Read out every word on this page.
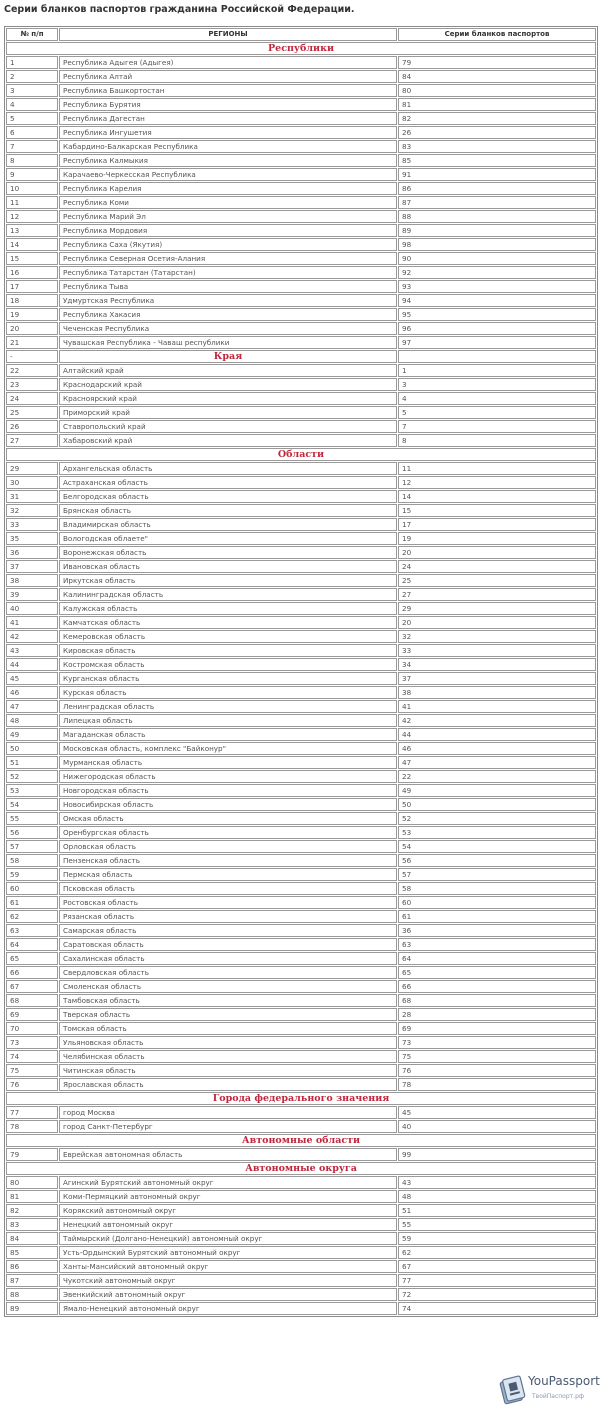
Серии бланков паспортов гражданина Российской Федерации.
№ п/п	РЕГИОНЫ	Серии бланков паспортов
Республики		
1	Республика Адыгея (Адыгея)	79
2	Республика Алтай	84
3	Республика Башкортостан	80
4	Республика Бурятия	81
5	Республика Дагестан	82
6	Республика Ингушетия	26
7	Кабардино-Балкарская Республика	83
8	Республика Калмыкия	85
9	Карачаево-Черкесская Республика	91
10	Республика Карелия	86
11	Республика Коми	87
12	Республика Марий Эл	88
13	Республика Мордовия	89
14	Республика Саха (Якутия)	98
15	Республика Северная Осетия-Алания	90
16	Республика Татарстан (Татарстан)	92
17	Республика Тыва	93
18	Удмуртская Республика	94
19	Республика Хакасия	95
20	Чеченская Республика	96
21	Чувашская Республика - Чаваш республики	97
-	Края	
22	Алтайский край	1
23	Краснодарский край	3
24	Красноярский край	4
25	Приморский край	5
26	Ставропольский край	7
27	Хабаровский край	8
Области		
29	Архангельская область	11
30	Астраханская область	12
31	Белгородская область	14
32	Брянская область	15
33	Владимирская область	17
35	Вологодская облаете"	19
36	Воронежская область	20
37	Ивановская область	24
38	Иркутская область	25
39	Калининградская область	27
40	Калужская область	29
41	Камчатская область	20
42	Кемеровская область	32
43	Кировская область	33
44	Костромская область	34
45	Курганская область	37
46	Курская область	38
47	Ленинградская область	41
48	Липецкая область	42
49	Магаданская область	44
50	Московская область, комплекс "Байконур"	46
51	Мурманская область	47
52	Нижегородская область	22
53	Новгородская область	49
54	Новосибирская область	50
55	Омская область	52
56	Оренбургская область	53
57	Орловская область	54
58	Пензенская область	56
59	Пермская область	57
60	Псковская область	58
61	Ростовская область	60
62	Рязанская область	61
63	Самарская область	36
64	Саратовская область	63
65	Сахалинская область	64
66	Свердловская область	65
67	Смоленская область	66
68	Тамбовская область	68
69	Тверская область	28
70	Томская область	69
73	Ульяновская область	73
74	Челябинская область	75
75	Читинская область	76
76	Ярославская область	78
Города федерального значения		
77	город Москва	45
78	город Санкт-Петербург	40
Автономные области		
79	Еврейская автономная область	99
Автономные округа		
80	Агинский Бурятский автономный округ	43
81	Коми-Пермяцкий автономный округ	48
82	Корякский автономный округ	51
83	Ненецкий автономный округ	55
84	Таймырский (Долгано-Ненецкий) автономный округ	59
85	Усть-Ордынский Бурятский автономный округ	62
86	Ханты-Мансийский автономный округ	67
87	Чукотский автономный округ	77
88	Эвенкийский автономный округ	72
89	Ямало-Ненецкий автономный округ	74
YouPassport
ТвойПаспорт.рф
